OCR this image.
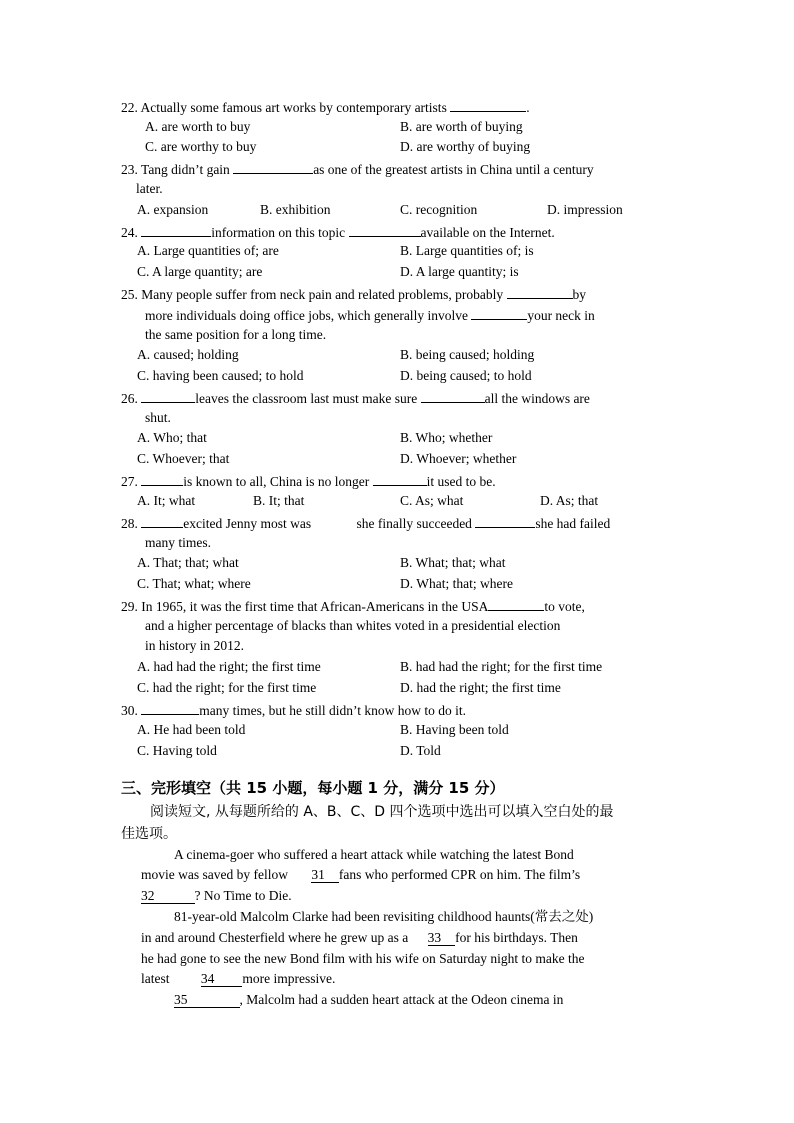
22. Actually some famous art works by contemporary artists	.
A. are worth to buy	B. are worth of buying
C. are worthy to buy	D. are worthy of buying
23. Tang didn’t gain	as one of the greatest artists in China until a century
later.
A. expansion	B. exhibition	C. recognition	D. impression
24.	information on this topic	available on the Internet.
A. Large quantities of; are	B. Large quantities of; is
C. A large quantity; are	D. A large quantity; is
25. Many people suffer from neck pain and related problems, probably	by
more individuals doing office jobs, which generally involve	your neck in
the same position for a long time.
A. caused; holding	B. being caused; holding
C. having been caused; to hold	D. being caused; to hold
26.	leaves the classroom last must make sure	all the windows are
shut.
A. Who; that	B. Who; whether
C. Whoever; that	D. Whoever; whether
27.	is known to all, China is no longer	it used to be.
A. It; what	B. It; that	C. As; what	D. As; that
28.	excited Jenny most was	she finally succeeded	she had failed
many times.
A. That; that; what	B. What; that; what
C. That; what; where	D. What; that; where
29. In 1965, it was the first time that African-Americans in the USA	to vote,
and a higher percentage of blacks than whites voted in a presidential election
in history in 2012.
A. had had the right; the first time	B. had had the right; for the first time
C. had the right; for the first time	D. had the right; the first time
30.	many times, but he still didn’t know how to do it.
A. He had been told	B. Having been told
C. Having told	D. Told
三、完形填空（共 15 小题，每小题 1 分，满分 15 分）
阅读短文, 从每题所给的 A、B、C、D 四个选项中选出可以填入空白处的最
佳选项。
A cinema-goer who suffered a heart attack while watching the latest Bond
movie was saved by fellow 31 fans who performed CPR on him. The film’s
32	? No Time to Die.
81-year-old Malcolm Clarke had been revisiting childhood haunts(常去之处)
in and around Chesterfield where he grew up as a 33 for his birthdays. Then
he had gone to see the new Bond film with his wife on Saturday night to make the
latest 34 more impressive.
35	, Malcolm had a sudden heart attack at the Odeon cinema in
